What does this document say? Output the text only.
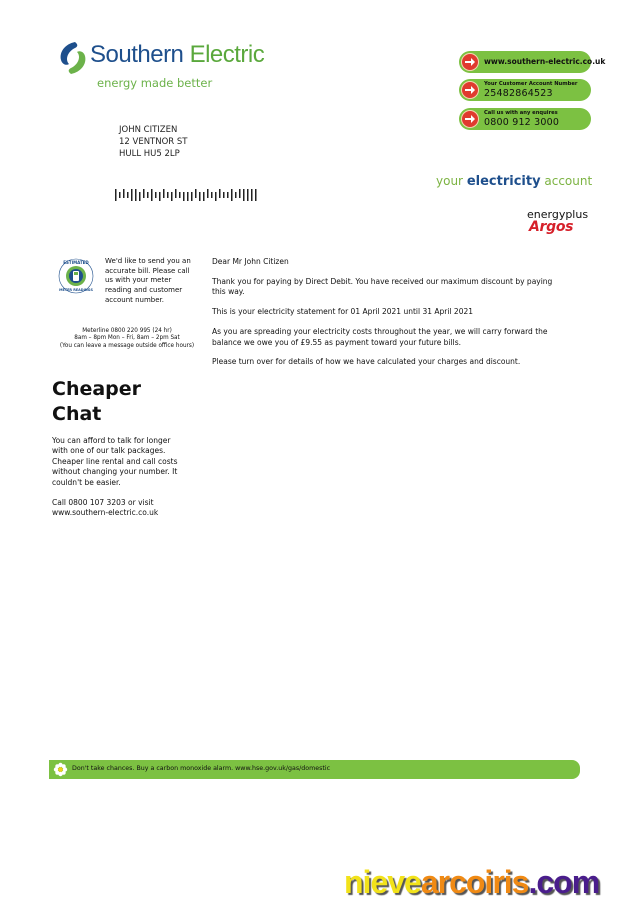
Southern Electric
energy made better
www.southern-electric.co.uk
Your Customer Account Number
25482864523
Call us with any enquires
0800 912 3000
JOHN CITIZEN
12 VENTNOR ST
HULL HU5 2LP
your electricity account
energyplus
Argos
ESTIMATED
METER READINGS
We'd like to send you an accurate bill. Please call us with your meter reading and customer account number.
Meterline 0800 220 995 (24 hr)
8am – 8pm Mon – Fri, 8am – 2pm Sat
(You can leave a message outside office hours)

Dear Mr John Citizen

Thank you for paying by Direct Debit. You have received our maximum discount by paying this way.

This is your electricity statement for 01 April 2021 until 31 April 2021

As you are spreading your electricity costs throughout the year, we will carry forward the balance we owe you of £9.55 as payment toward your future bills.

Please turn over for details of how we have calculated your charges and discount.

Cheaper
Chat

You can afford to talk for longer with one of our talk packages. Cheaper line rental and call costs without changing your number. It couldn't be easier.

Call 0800 107 3203 or visit www.southern-electric.co.uk

Don't take chances. Buy a carbon monoxide alarm. www.hse.gov.uk/gas/domestic
nievearcoiris.com
